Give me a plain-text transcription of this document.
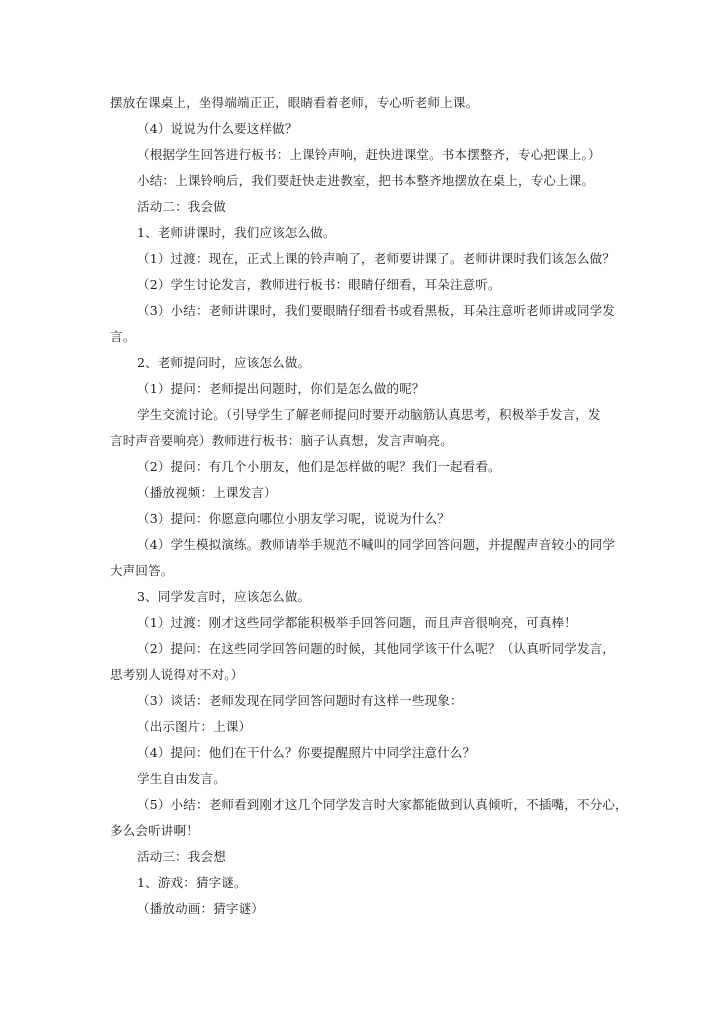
摆放在课桌上，坐得端端正正，眼睛看着老师，专心听老师上课。
（4）说说为什么要这样做？
（根据学生回答进行板书：上课铃声响，赶快进课堂。书本摆整齐，专心把课上。）
小结：上课铃响后，我们要赶快走进教室，把书本整齐地摆放在桌上，专心上课。
活动二：我会做
1、老师讲课时，我们应该怎么做。
（1）过渡：现在，正式上课的铃声响了，老师要讲课了。老师讲课时我们该怎么做？
（2）学生讨论发言，教师进行板书：眼睛仔细看，耳朵注意听。
（3）小结：老师讲课时，我们要眼睛仔细看书或看黑板，耳朵注意听老师讲或同学发
言。
2、老师提问时，应该怎么做。
（1）提问：老师提出问题时，你们是怎么做的呢？
学生交流讨论。（引导学生了解老师提问时要开动脑筋认真思考，积极举手发言，发
言时声音要响亮）教师进行板书：脑子认真想，发言声响亮。
（2）提问：有几个小朋友，他们是怎样做的呢？我们一起看看。
（播放视频：上课发言）
（3）提问：你愿意向哪位小朋友学习呢，说说为什么？
（4）学生模拟演练。教师请举手规范不喊叫的同学回答问题，并提醒声音较小的同学
大声回答。
3、同学发言时，应该怎么做。
（1）过渡：刚才这些同学都能积极举手回答问题，而且声音很响亮，可真棒！
（2）提问：在这些同学回答问题的时候，其他同学该干什么呢？（认真听同学发言，
思考别人说得对不对。）
（3）谈话：老师发现在同学回答问题时有这样一些现象：
（出示图片：上课）
（4）提问：他们在干什么？你要提醒照片中同学注意什么？
学生自由发言。
（5）小结：老师看到刚才这几个同学发言时大家都能做到认真倾听，不插嘴，不分心，
多么会听讲啊！
活动三：我会想
1、游戏：猜字谜。
（播放动画：猜字谜）
